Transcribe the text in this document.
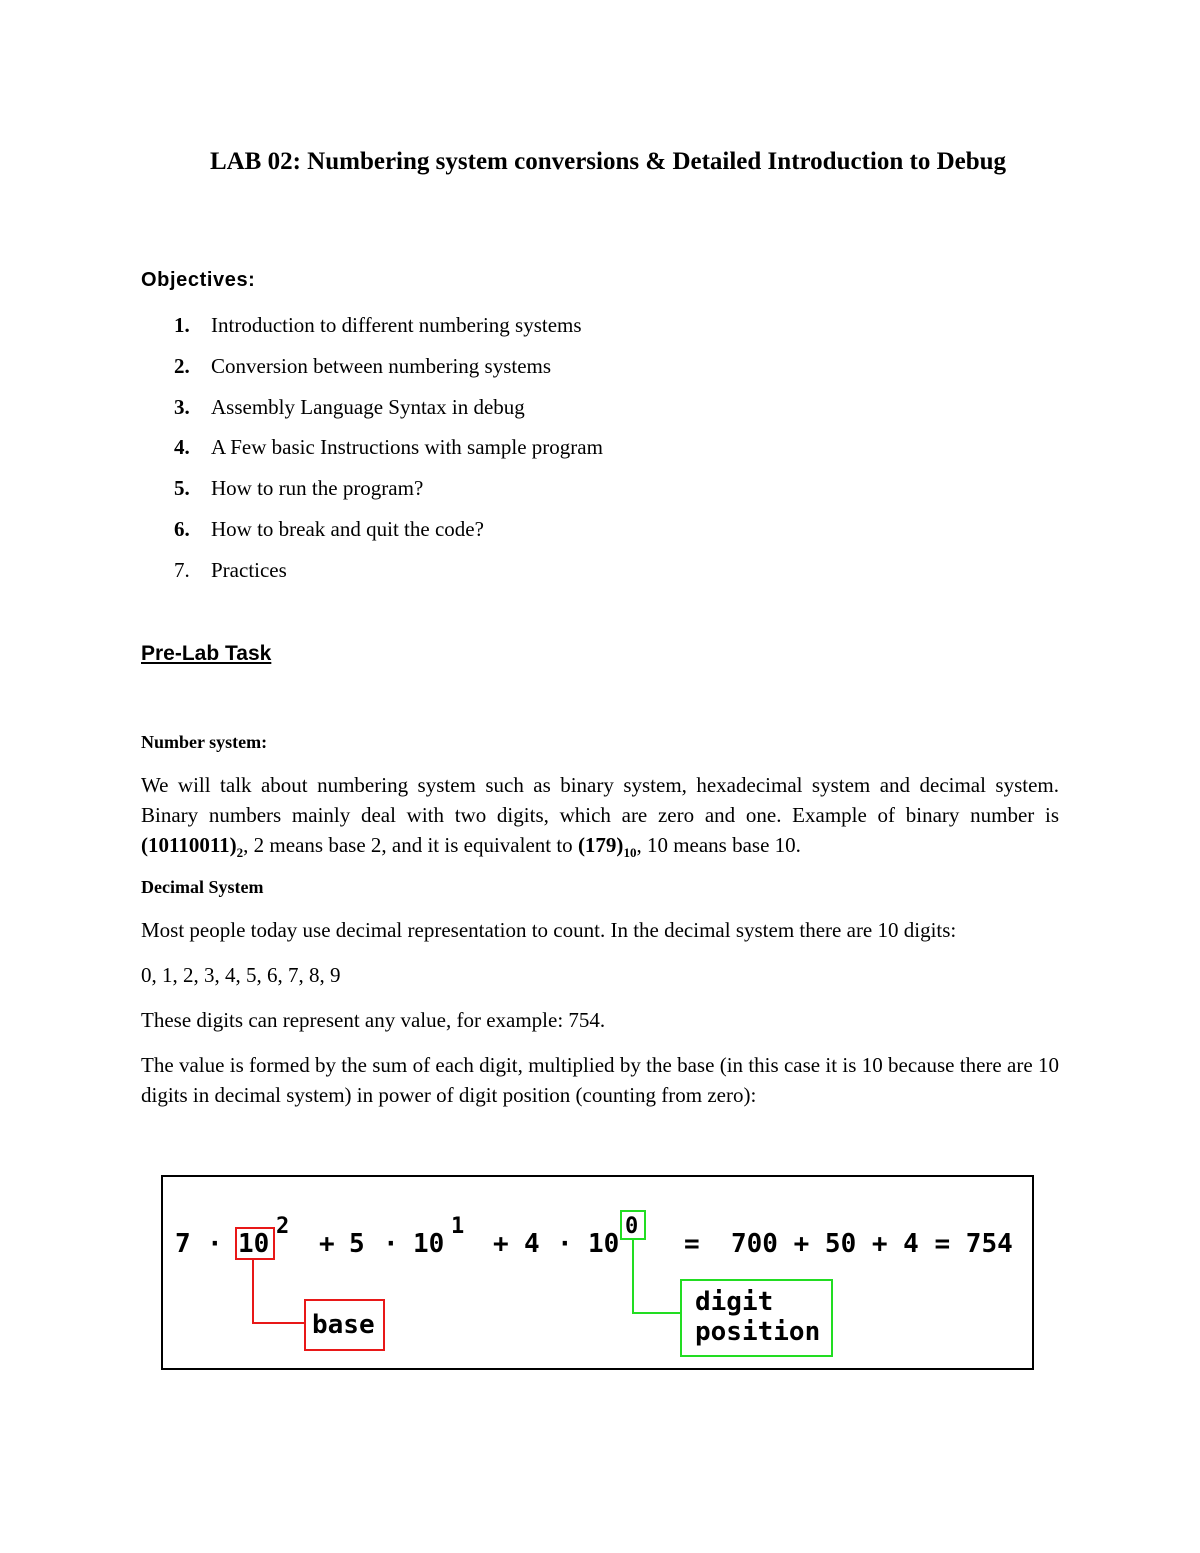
LAB 02: Numbering system conversions & Detailed Introduction to Debug
Objectives:
1. Introduction to different numbering systems
2. Conversion between numbering systems
3. Assembly Language Syntax in debug
4. A Few basic Instructions with sample program
5. How to run the program?
6. How to break and quit the code?
7. Practices
Pre-Lab Task
Number system:
We will talk about numbering system such as binary system, hexadecimal system and decimal system. Binary numbers mainly deal with two digits, which are zero and one. Example of binary number is $(10110011)_2$, 2 means base 2, and it is equivalent to $(179)_{10}$, 10 means base 10.
Decimal System
Most people today use decimal representation to count. In the decimal system there are 10 digits:
0, 1, 2, 3, 4, 5, 6, 7, 8, 9
These digits can represent any value, for example: 754.
The value is formed by the sum of each digit, multiplied by the base (in this case it is 10 because there are 10 digits in decimal system) in power of digit position (counting from zero):
7 · 10
2
+ 5 · 10
1
+ 4 · 10
0
= 700 + 50 + 4 = 754
base
digit
position
